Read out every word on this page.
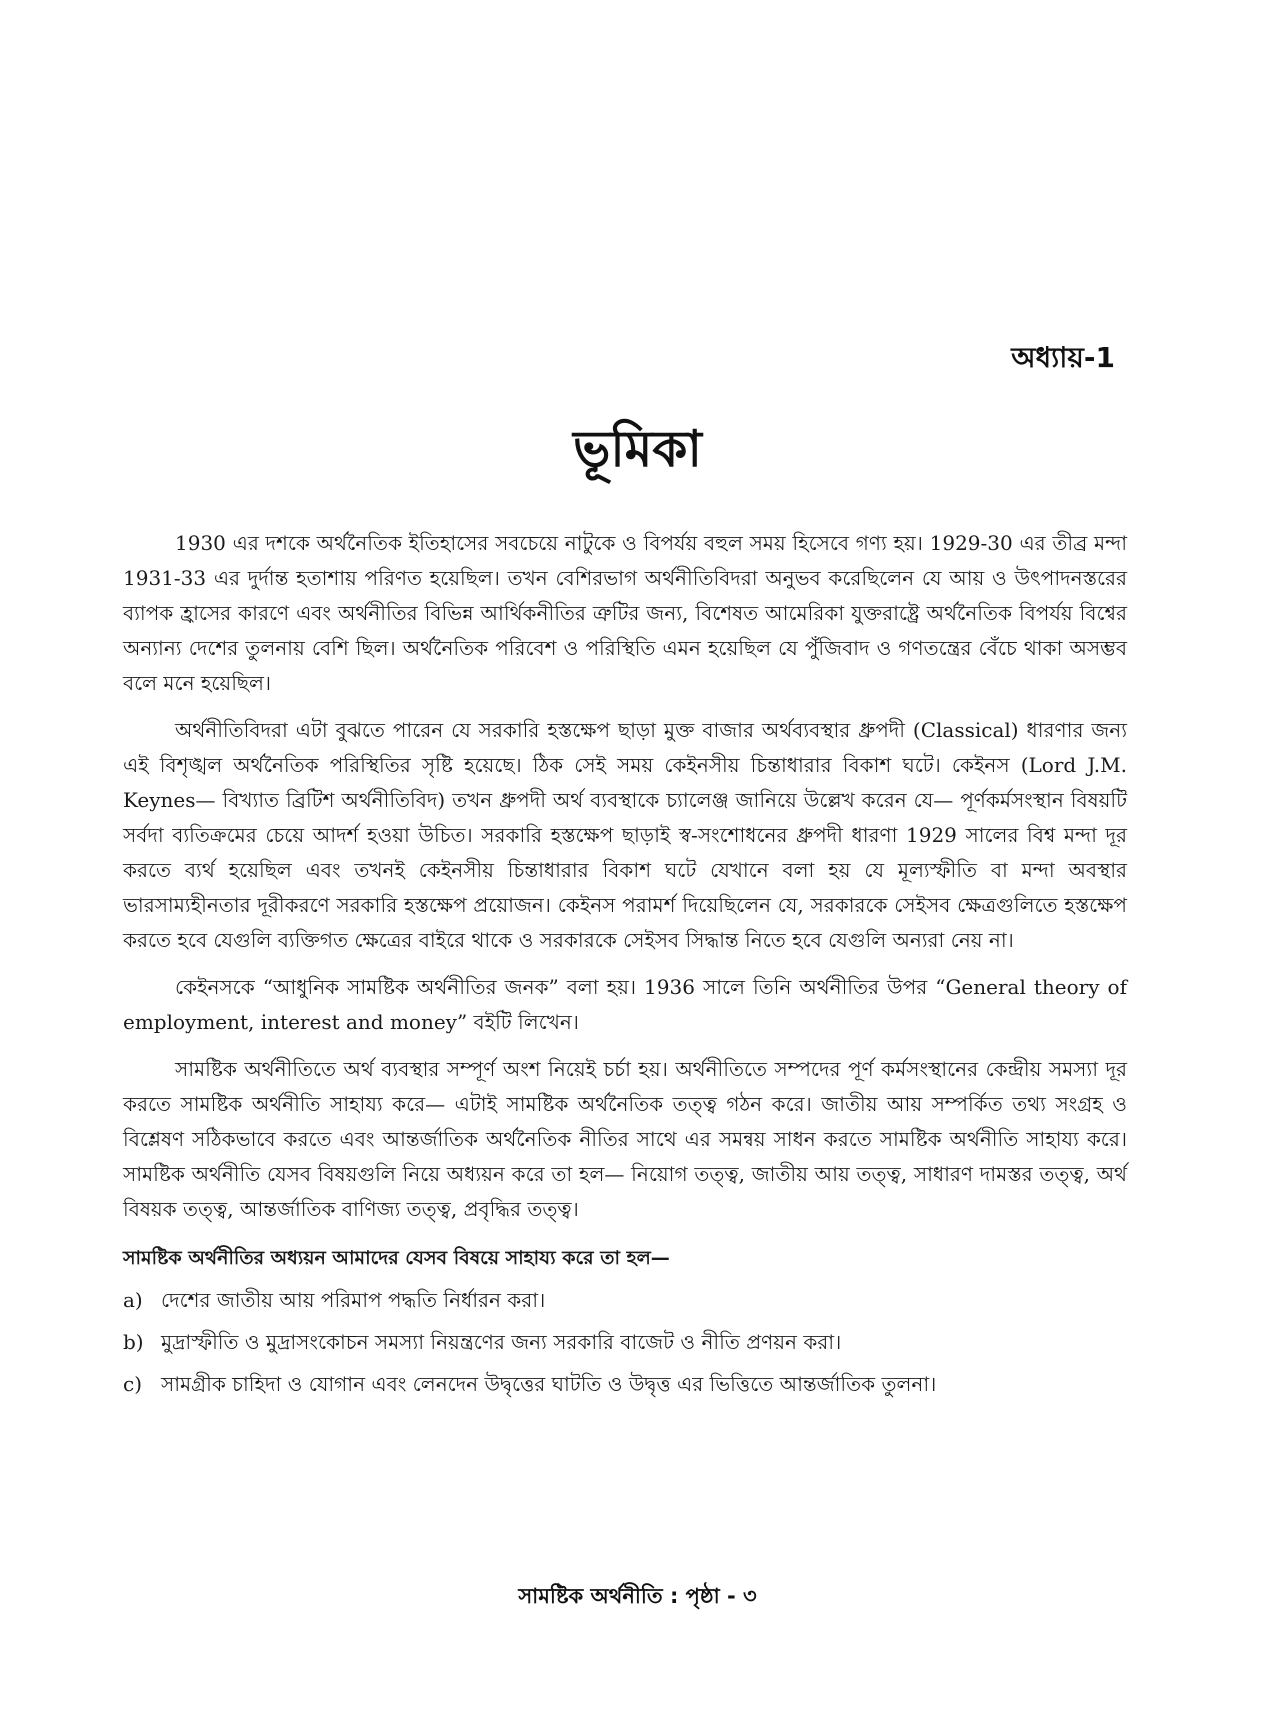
অধ্যায়-1
ভূমিকা

1930 এর দশকে অর্থনৈতিক ইতিহাসের সবচেয়ে নাটুকে ও বিপর্যয় বহুল সময় হিসেবে গণ্য হয়। 1929-30 এর তীব্র মন্দা 1931-33 এর দুর্দান্ত হতাশায় পরিণত হয়েছিল। তখন বেশিরভাগ অর্থনীতিবিদরা অনুভব করেছিলেন যে আয় ও উৎপাদনস্তরের ব্যাপক হ্রাসের কারণে এবং অর্থনীতির বিভিন্ন আর্থিকনীতির ত্রুটির জন্য, বিশেষত আমেরিকা যুক্তরাষ্ট্রে অর্থনৈতিক বিপর্যয় বিশ্বের অন্যান্য দেশের তুলনায় বেশি ছিল। অর্থনৈতিক পরিবেশ ও পরিস্থিতি এমন হয়েছিল যে পুঁজিবাদ ও গণতন্ত্রের বেঁচে থাকা অসম্ভব বলে মনে হয়েছিল।

অর্থনীতিবিদরা এটা বুঝতে পারেন যে সরকারি হস্তক্ষেপ ছাড়া মুক্ত বাজার অর্থব্যবস্থার ধ্রুপদী (Classical) ধারণার জন্য এই বিশৃঙ্খল অর্থনৈতিক পরিস্থিতির সৃষ্টি হয়েছে। ঠিক সেই সময় কেইনসীয় চিন্তাধারার বিকাশ ঘটে। কেইনস (Lord J.M. Keynes— বিখ্যাত ব্রিটিশ অর্থনীতিবিদ) তখন ধ্রুপদী অর্থ ব্যবস্থাকে চ্যালেঞ্জ জানিয়ে উল্লেখ করেন যে— পূর্ণকর্মসংস্থান বিষয়টি সর্বদা ব্যতিক্রমের চেয়ে আদর্শ হওয়া উচিত। সরকারি হস্তক্ষেপ ছাড়াই স্ব-সংশোধনের ধ্রুপদী ধারণা 1929 সালের বিশ্ব মন্দা দূর করতে ব্যর্থ হয়েছিল এবং তখনই কেইনসীয় চিন্তাধারার বিকাশ ঘটে যেখানে বলা হয় যে মূল্যস্ফীতি বা মন্দা অবস্থার ভারসাম্যহীনতার দূরীকরণে সরকারি হস্তক্ষেপ প্রয়োজন। কেইনস পরামর্শ দিয়েছিলেন যে, সরকারকে সেইসব ক্ষেত্রগুলিতে হস্তক্ষেপ করতে হবে যেগুলি ব্যক্তিগত ক্ষেত্রের বাইরে থাকে ও সরকারকে সেইসব সিদ্ধান্ত নিতে হবে যেগুলি অন্যরা নেয় না।

কেইনসকে “আধুনিক সামষ্টিক অর্থনীতির জনক” বলা হয়। 1936 সালে তিনি অর্থনীতির উপর “General theory of employment, interest and money” বইটি লিখেন।

সামষ্টিক অর্থনীতিতে অর্থ ব্যবস্থার সম্পূর্ণ অংশ নিয়েই চর্চা হয়। অর্থনীতিতে সম্পদের পূর্ণ কর্মসংস্থানের কেন্দ্রীয় সমস্যা দূর করতে সামষ্টিক অর্থনীতি সাহায্য করে— এটাই সামষ্টিক অর্থনৈতিক তত্ত্ব গঠন করে। জাতীয় আয় সম্পর্কিত তথ্য সংগ্রহ ও বিশ্লেষণ সঠিকভাবে করতে এবং আন্তর্জাতিক অর্থনৈতিক নীতির সাথে এর সমন্বয় সাধন করতে সামষ্টিক অর্থনীতি সাহায্য করে। সামষ্টিক অর্থনীতি যেসব বিষয়গুলি নিয়ে অধ্যয়ন করে তা হল— নিয়োগ তত্ত্ব, জাতীয় আয় তত্ত্ব, সাধারণ দামস্তর তত্ত্ব, অর্থ বিষয়ক তত্ত্ব, আন্তর্জাতিক বাণিজ্য তত্ত্ব, প্রবৃদ্ধির তত্ত্ব।

সামষ্টিক অর্থনীতির অধ্যয়ন আমাদের যেসব বিষয়ে সাহায্য করে তা হল—
a) দেশের জাতীয় আয় পরিমাপ পদ্ধতি নির্ধারন করা।
b) মুদ্রাস্ফীতি ও মুদ্রাসংকোচন সমস্যা নিয়ন্ত্রণের জন্য সরকারি বাজেট ও নীতি প্রণয়ন করা।
c) সামগ্রীক চাহিদা ও যোগান এবং লেনদেন উদ্বৃত্তের ঘাটতি ও উদ্বৃত্ত এর ভিত্তিতে আন্তর্জাতিক তুলনা।
সামষ্টিক অর্থনীতি : পৃষ্ঠা - ৩
